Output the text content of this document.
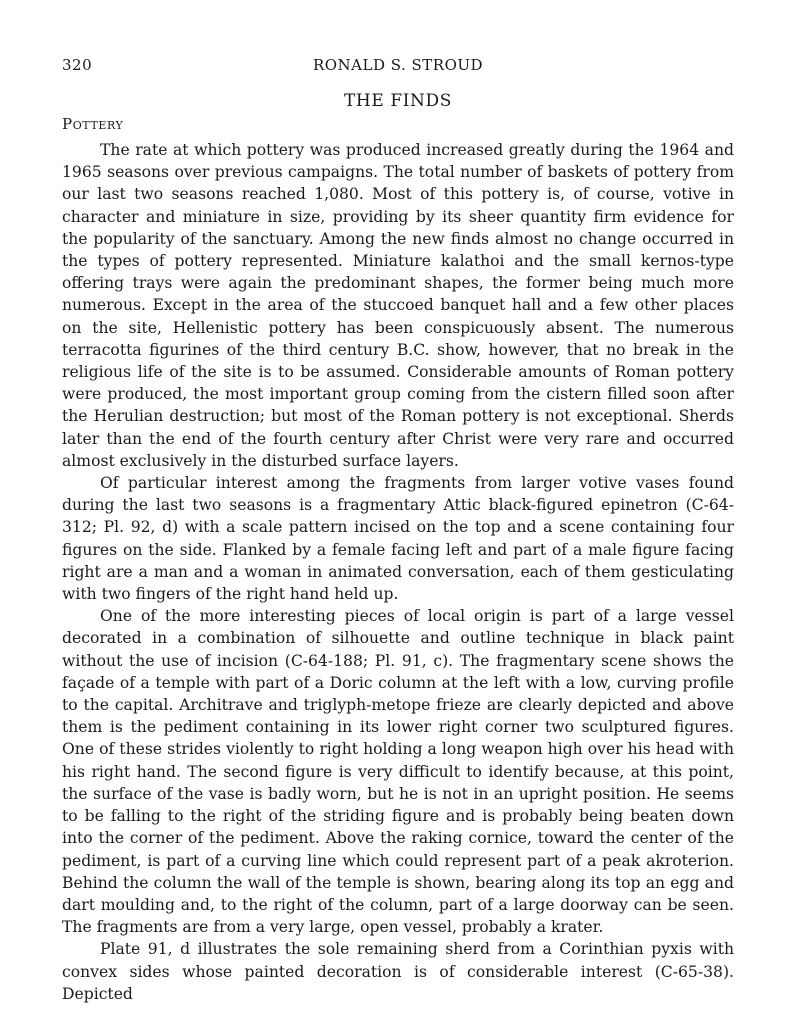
320	RONALD S. STROUD
THE FINDS
Pottery

The rate at which pottery was produced increased greatly during the 1964 and 1965 seasons over previous campaigns. The total number of baskets of pottery from our last two seasons reached 1,080. Most of this pottery is, of course, votive in character and miniature in size, providing by its sheer quantity firm evidence for the popularity of the sanctuary. Among the new finds almost no change occurred in the types of pottery represented. Miniature kalathoi and the small kernos-type offering trays were again the predominant shapes, the former being much more numerous. Except in the area of the stuccoed banquet hall and a few other places on the site, Hellenistic pottery has been conspicuously absent. The numerous terracotta figurines of the third century B.C. show, however, that no break in the religious life of the site is to be assumed. Considerable amounts of Roman pottery were produced, the most important group coming from the cistern filled soon after the Herulian destruction; but most of the Roman pottery is not exceptional. Sherds later than the end of the fourth century after Christ were very rare and occurred almost exclusively in the disturbed surface layers.

Of particular interest among the fragments from larger votive vases found during the last two seasons is a fragmentary Attic black-figured epinetron (C-64-312; Pl. 92, d) with a scale pattern incised on the top and a scene containing four figures on the side. Flanked by a female facing left and part of a male figure facing right are a man and a woman in animated conversation, each of them gesticulating with two fingers of the right hand held up.

One of the more interesting pieces of local origin is part of a large vessel decorated in a combination of silhouette and outline technique in black paint without the use of incision (C-64-188; Pl. 91, c). The fragmentary scene shows the façade of a temple with part of a Doric column at the left with a low, curving profile to the capital. Architrave and triglyph-metope frieze are clearly depicted and above them is the pediment containing in its lower right corner two sculptured figures. One of these strides violently to right holding a long weapon high over his head with his right hand. The second figure is very difficult to identify because, at this point, the surface of the vase is badly worn, but he is not in an upright position. He seems to be falling to the right of the striding figure and is probably being beaten down into the corner of the pediment. Above the raking cornice, toward the center of the pediment, is part of a curving line which could represent part of a peak akroterion. Behind the column the wall of the temple is shown, bearing along its top an egg and dart moulding and, to the right of the column, part of a large doorway can be seen. The fragments are from a very large, open vessel, probably a krater.

Plate 91, d illustrates the sole remaining sherd from a Corinthian pyxis with convex sides whose painted decoration is of considerable interest (C-65-38). Depicted
